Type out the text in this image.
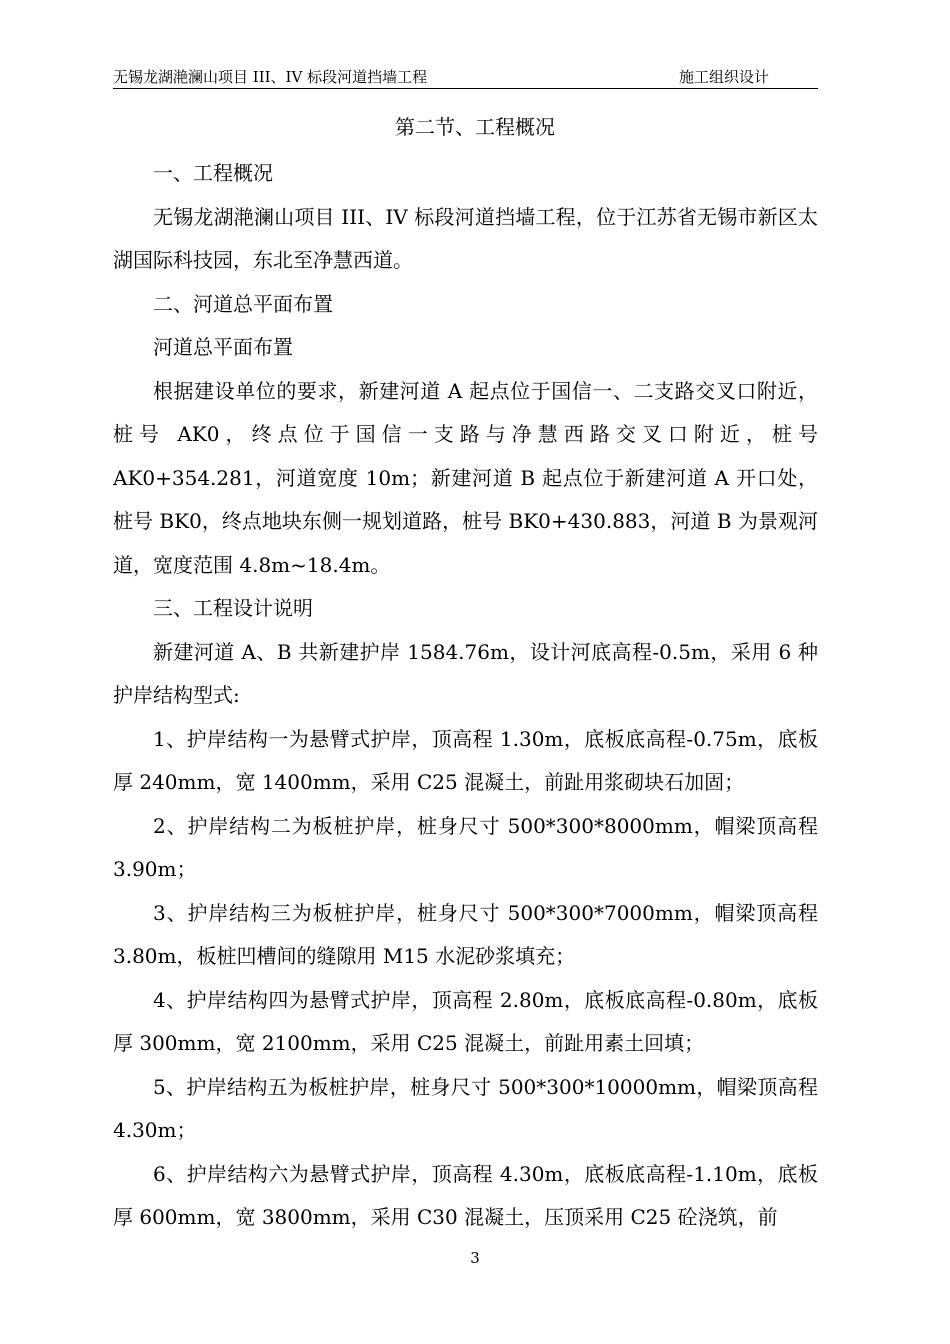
无锡龙湖滟澜山项目 III、IV 标段河道挡墙工程	施工组织设计
第二节、工程概况

一、工程概况

无锡龙湖滟澜山项目 III、IV 标段河道挡墙工程，位于江苏省无锡市新区太湖国际科技园，东北至净慧西道。

二、河道总平面布置

河道总平面布置

根据建设单位的要求，新建河道 A 起点位于国信一、二支路交叉口附近，桩号 AK0，终点位于国信一支路与净慧西路交叉口附近，桩号 AK0+354.281，河道宽度 10m；新建河道 B 起点位于新建河道 A 开口处，桩号 BK0，终点地块东侧一规划道路，桩号 BK0+430.883，河道 B 为景观河道，宽度范围 4.8m~18.4m。

三、工程设计说明

新建河道 A、B 共新建护岸 1584.76m，设计河底高程-0.5m，采用 6 种护岸结构型式:

1、护岸结构一为悬臂式护岸，顶高程 1.30m，底板底高程-0.75m，底板厚 240mm，宽 1400mm，采用 C25 混凝土，前趾用浆砌块石加固；

2、护岸结构二为板桩护岸，桩身尺寸 500*300*8000mm，帽梁顶高程 3.90m；

3、护岸结构三为板桩护岸，桩身尺寸 500*300*7000mm，帽梁顶高程 3.80m，板桩凹槽间的缝隙用 M15 水泥砂浆填充；

4、护岸结构四为悬臂式护岸，顶高程 2.80m，底板底高程-0.80m，底板厚 300mm，宽 2100mm，采用 C25 混凝土，前趾用素土回填；

5、护岸结构五为板桩护岸，桩身尺寸 500*300*10000mm，帽梁顶高程 4.30m；

6、护岸结构六为悬臂式护岸，顶高程 4.30m，底板底高程-1.10m，底板厚 600mm，宽 3800mm，采用 C30 混凝土，压顶采用 C25 砼浇筑，前

3
